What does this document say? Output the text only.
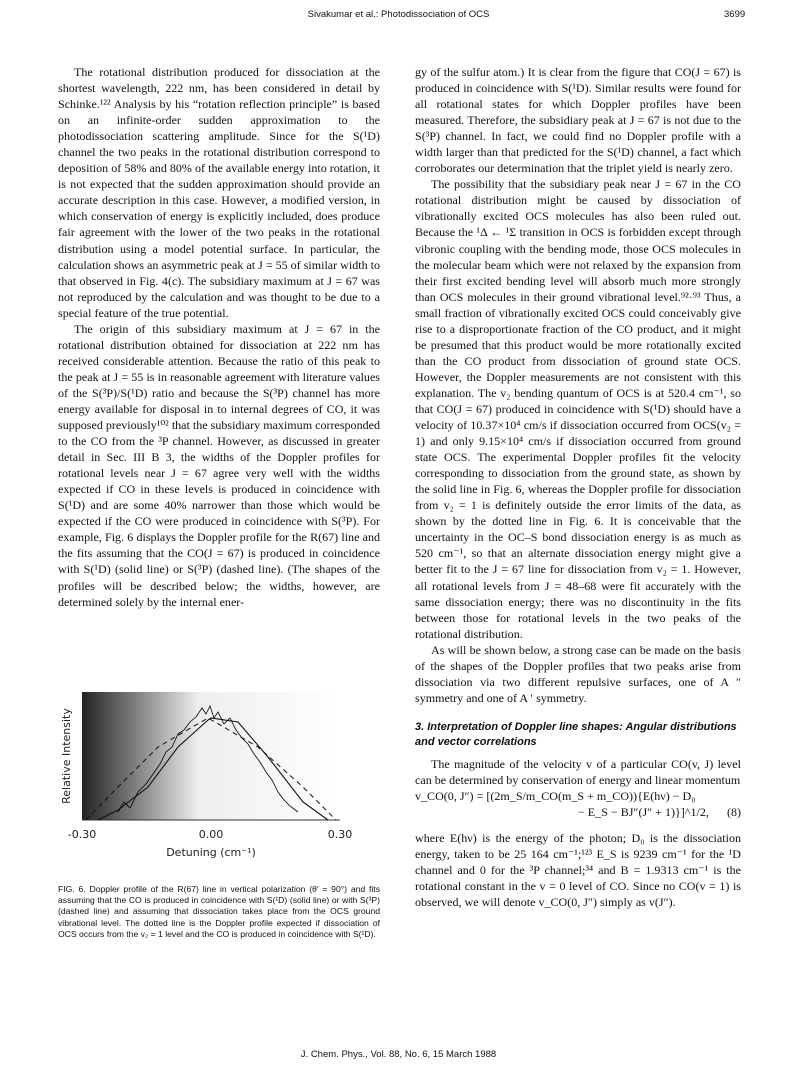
Sivakumar et al.: Photodissociation of OCS	3699

The rotational distribution produced for dissociation at the shortest wavelength, 222 nm, has been considered in detail by Schinke.¹²² Analysis by his “rotation reflection principle” is based on an infinite-order sudden approximation to the photodissociation scattering amplitude. Since for the S(¹D) channel the two peaks in the rotational distribution correspond to deposition of 58% and 80% of the available energy into rotation, it is not expected that the sudden approximation should provide an accurate description in this case. However, a modified version, in which conservation of energy is explicitly included, does produce fair agreement with the lower of the two peaks in the rotational distribution using a model potential surface. In particular, the calculation shows an asymmetric peak at J = 55 of similar width to that observed in Fig. 4(c). The subsidiary maximum at J = 67 was not reproduced by the calculation and was thought to be due to a special feature of the true potential.

The origin of this subsidiary maximum at J = 67 in the rotational distribution obtained for dissociation at 222 nm has received considerable attention. Because the ratio of this peak to the peak at J = 55 is in reasonable agreement with literature values of the S(³P)/S(¹D) ratio and because the S(³P) channel has more energy available for disposal in to internal degrees of CO, it was supposed previously¹⁰² that the subsidiary maximum corresponded to the CO from the ³P channel. However, as discussed in greater detail in Sec. III B 3, the widths of the Doppler profiles for rotational levels near J = 67 agree very well with the widths expected if CO in these levels is produced in coincidence with S(¹D) and are some 40% narrower than those which would be expected if the CO were produced in coincidence with S(³P). For example, Fig. 6 displays the Doppler profile for the R(67) line and the fits assuming that the CO(J = 67) is produced in coincidence with S(¹D) (solid line) or S(³P) (dashed line). (The shapes of the profiles will be described below; the widths, however, are determined solely by the internal ener-

Relative Intensity
-0.30	0.00	0.30
Detuning (cm⁻¹)
FIG. 6. Doppler profile of the R(67) line in vertical polarization (θ′ = 90°) and fits assuming that the CO is produced in coincidence with S(¹D) (solid line) or with S(³P) (dashed line) and assuming that dissociation takes place from the OCS ground vibrational level. The dotted line is the Doppler profile expected if dissociation of OCS occurs from the v₂ = 1 level and the CO is produced in coincidence with S(¹D).

gy of the sulfur atom.) It is clear from the figure that CO(J = 67) is produced in coincidence with S(¹D). Similar results were found for all rotational states for which Doppler profiles have been measured. Therefore, the subsidiary peak at J = 67 is not due to the S(³P) channel. In fact, we could find no Doppler profile with a width larger than that predicted for the S(¹D) channel, a fact which corroborates our determination that the triplet yield is nearly zero.

The possibility that the subsidiary peak near J = 67 in the CO rotational distribution might be caused by dissociation of vibrationally excited OCS molecules has also been ruled out. Because the ¹Δ ← ¹Σ transition in OCS is forbidden except through vibronic coupling with the bending mode, those OCS molecules in the molecular beam which were not relaxed by the expansion from their first excited bending level will absorb much more strongly than OCS molecules in their ground vibrational level.⁹²·⁹³ Thus, a small fraction of vibrationally excited OCS could conceivably give rise to a disproportionate fraction of the CO product, and it might be presumed that this product would be more rotationally excited than the CO product from dissociation of ground state OCS. However, the Doppler measurements are not consistent with this explanation. The v₂ bending quantum of OCS is at 520.4 cm⁻¹, so that CO(J = 67) produced in coincidence with S(¹D) should have a velocity of 10.37×10⁴ cm/s if dissociation occurred from OCS(v₂ = 1) and only 9.15×10⁴ cm/s if dissociation occurred from ground state OCS. The experimental Doppler profiles fit the velocity corresponding to dissociation from the ground state, as shown by the solid line in Fig. 6, whereas the Doppler profile for dissociation from v₂ = 1 is definitely outside the error limits of the data, as shown by the dotted line in Fig. 6. It is conceivable that the uncertainty in the OC–S bond dissociation energy is as much as 520 cm⁻¹, so that an alternate dissociation energy might give a better fit to the J = 67 line for dissociation from v₂ = 1. However, all rotational levels from J = 48–68 were fit accurately with the same dissociation energy; there was no discontinuity in the fits between those for rotational levels in the two peaks of the rotational distribution.

As will be shown below, a strong case can be made on the basis of the shapes of the Doppler profiles that two peaks arise from dissociation via two different repulsive surfaces, one of A ″ symmetry and one of A ′ symmetry.

3. Interpretation of Doppler line shapes: Angular distributions and vector correlations

The magnitude of the velocity v of a particular CO(v, J) level can be determined by conservation of energy and linear momentum

v_CO(0, J″) = [(2m_S/m_CO(m_S + m_CO)){E(hν) − D₀

− E_S − BJ″(J″ + 1)}]^1/2, (8)

where E(hν) is the energy of the photon; D₀ is the dissociation energy, taken to be 25 164 cm⁻¹;¹²³ E_S is 9239 cm⁻¹ for the ¹D channel and 0 for the ³P channel;³⁴ and B = 1.9313 cm⁻¹ is the rotational constant in the v = 0 level of CO. Since no CO(v = 1) is observed, we will denote v_CO(0, J″) simply as v(J″).

J. Chem. Phys., Vol. 88, No. 6, 15 March 1988
